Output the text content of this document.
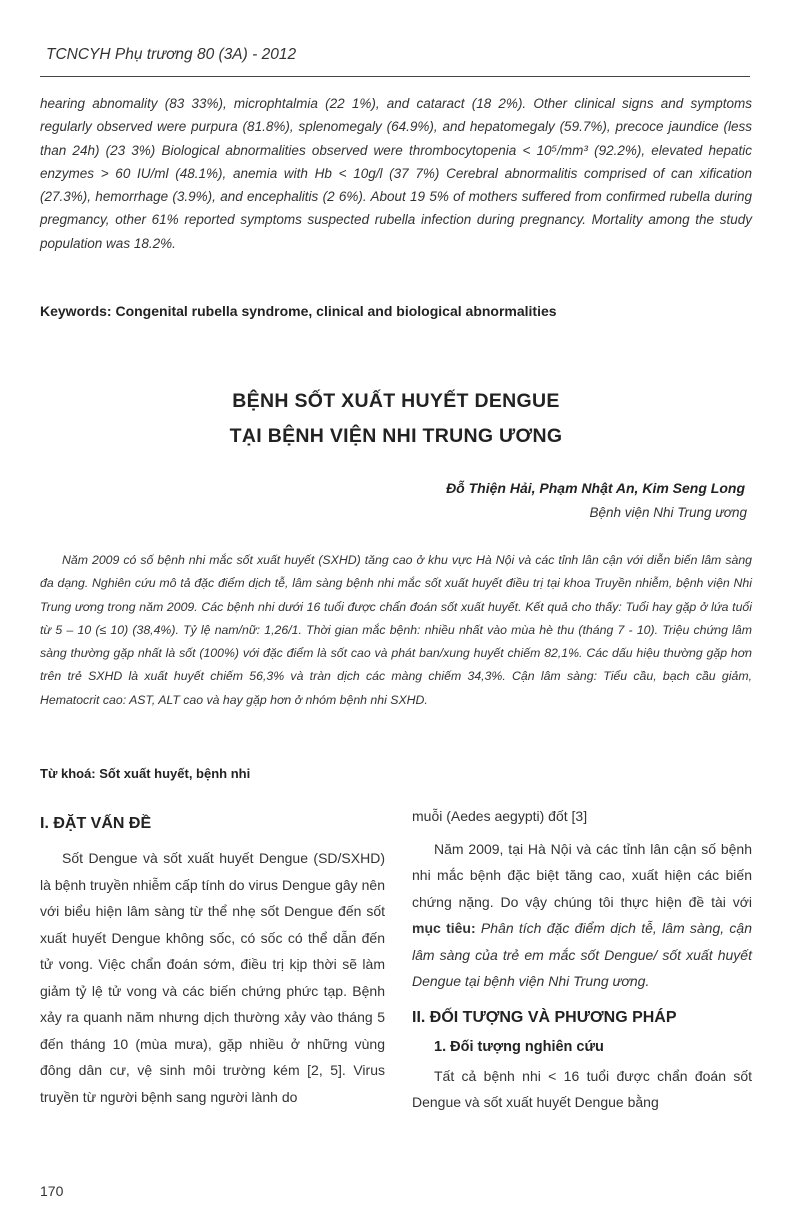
TCNCYH Phụ trương 80 (3A) - 2012
hearing abnomality (83 33%), microphtalmia (22 1%), and cataract (18 2%). Other clinical signs and symptoms regularly observed were purpura (81.8%), splenomegaly (64.9%), and hepatomegaly (59.7%), precoce jaundice (less than 24h) (23 3%) Biological abnormalities observed were thrombocytopenia < 10⁵/mm³ (92.2%), elevated hepatic enzymes > 60 IU/ml (48.1%), anemia with Hb < 10g/l (37 7%) Cerebral abnormalitis comprised of can xification (27.3%), hemorrhage (3.9%), and encephalitis (2 6%). About 19 5% of mothers suffered from confirmed rubella during pregmancy, other 61% reported symptoms suspected rubella infection during pregnancy. Mortality among the study population was 18.2%.
Keywords: Congenital rubella syndrome, clinical and biological abnormalities
BỆNH SỐT XUẤT HUYẾT DENGUE
TẠI BỆNH VIỆN NHI TRUNG ƯƠNG
Đỗ Thiện Hải, Phạm Nhật An, Kim Seng Long
Bệnh viện Nhi Trung ương
Năm 2009 có số bệnh nhi mắc sốt xuất huyết (SXHD) tăng cao ở khu vực Hà Nội và các tỉnh lân cận với diễn biến lâm sàng đa dạng. Nghiên cứu mô tả đặc điểm dịch tễ, lâm sàng bệnh nhi mắc sốt xuất huyết điều trị tại khoa Truyền nhiễm, bệnh viện Nhi Trung ương trong năm 2009. Các bệnh nhi dưới 16 tuổi được chẩn đoán sốt xuất huyết. Kết quả cho thấy: Tuổi hay gặp ở lứa tuổi từ 5 – 10 (≤ 10) (38,4%). Tỷ lệ nam/nữ: 1,26/1. Thời gian mắc bệnh: nhiều nhất vào mùa hè thu (tháng 7 - 10). Triệu chứng lâm sàng thường gặp nhất là sốt (100%) với đặc điểm là sốt cao và phát ban/xung huyết chiếm 82,1%. Các dấu hiệu thường gặp hơn trên trẻ SXHD là xuất huyết chiếm 56,3% và tràn dịch các màng chiếm 34,3%. Cận lâm sàng: Tiểu cầu, bạch cầu giảm, Hematocrit cao: AST, ALT cao và hay gặp hơn ở nhóm bệnh nhi SXHD.
Từ khoá: Sốt xuất huyết, bệnh nhi
I. ĐẶT VẤN ĐỀ

Sốt Dengue và sốt xuất huyết Dengue (SD/SXHD) là bệnh truyền nhiễm cấp tính do virus Dengue gây nên với biểu hiện lâm sàng từ thể nhẹ sốt Dengue đến sốt xuất huyết Dengue không sốc, có sốc có thể dẫn đến tử vong. Việc chẩn đoán sớm, điều trị kịp thời sẽ làm giảm tỷ lệ tử vong và các biến chứng phức tạp. Bệnh xảy ra quanh năm nhưng dịch thường xảy vào tháng 5 đến tháng 10 (mùa mưa), gặp nhiều ở những vùng đông dân cư, vệ sinh môi trường kém [2, 5]. Virus truyền từ người bệnh sang người lành do

muỗi (Aedes aegypti) đốt [3]

Năm 2009, tại Hà Nội và các tỉnh lân cận số bệnh nhi mắc bệnh đặc biệt tăng cao, xuất hiện các biến chứng nặng. Do vậy chúng tôi thực hiện đề tài với mục tiêu: Phân tích đặc điểm dịch tễ, lâm sàng, cận lâm sàng của trẻ em mắc sốt Dengue/ sốt xuất huyết Dengue tại bệnh viện Nhi Trung ương.

II. ĐỐI TƯỢNG VÀ PHƯƠNG PHÁP
1. Đối tượng nghiên cứu

Tất cả bệnh nhi < 16 tuổi được chẩn đoán sốt Dengue và sốt xuất huyết Dengue bằng

170
